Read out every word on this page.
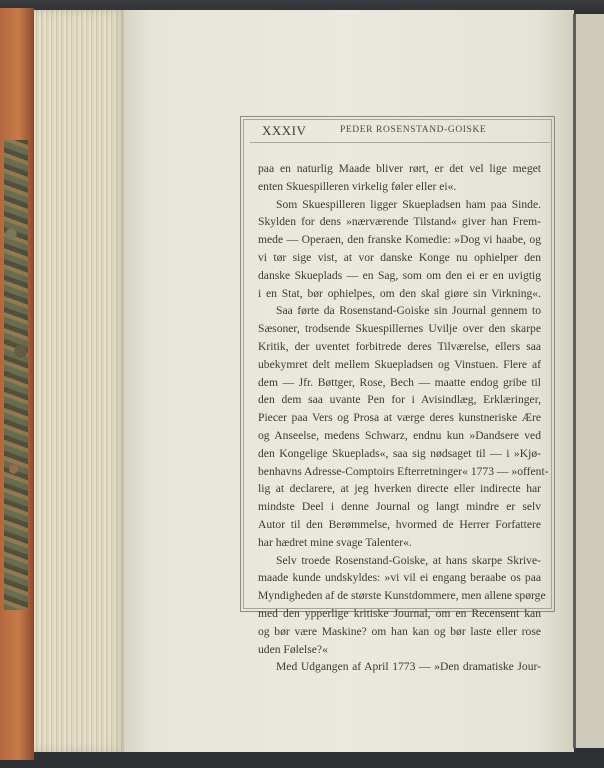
XXXIV	PEDER ROSENSTAND-GOISKE
paa en naturlig Maade bliver rørt, er det vel lige meget
enten Skuespilleren virkelig føler eller ei«.
Som Skuespilleren ligger Skuepladsen ham paa Sinde.
Skylden for dens »nærværende Tilstand« giver han Frem-
mede — Operaen, den franske Komedie: »Dog vi haabe, og
vi tør sige vist, at vor danske Konge nu ophielper den
danske Skueplads — en Sag, som om den ei er en uvigtig
i en Stat, bør ophielpes, om den skal giøre sin Virkning«.
Saa førte da Rosenstand-Goiske sin Journal gennem to
Sæsoner, trodsende Skuespillernes Uvilje over den skarpe
Kritik, der uventet forbitrede deres Tilværelse, ellers saa
ubekymret delt mellem Skuepladsen og Vinstuen. Flere af
dem — Jfr. Bøttger, Rose, Bech — maatte endog gribe til
den dem saa uvante Pen for i Avisindlæg, Erklæringer,
Piecer paa Vers og Prosa at værge deres kunstneriske Ære
og Anseelse, medens Schwarz, endnu kun »Dandsere ved
den Kongelige Skueplads«, saa sig nødsaget til — i »Kjø-
benhavns Adresse-Comptoirs Efterretninger« 1773 — »offent-
lig at declarere, at jeg hverken directe eller indirecte har
mindste Deel i denne Journal og langt mindre er selv
Autor til den Berømmelse, hvormed de Herrer Forfattere
har hædret mine svage Talenter«.
Selv troede Rosenstand-Goiske, at hans skarpe Skrive-
maade kunde undskyldes: »vi vil ei engang beraabe os paa
Myndigheden af de største Kunstdommere, men allene spørge
med den ypperlige kritiske Journal, om en Recensent kan
og bør være Maskine? om han kan og bør laste eller rose
uden Følelse?«
Med Udgangen af April 1773 — »Den dramatiske Jour-
